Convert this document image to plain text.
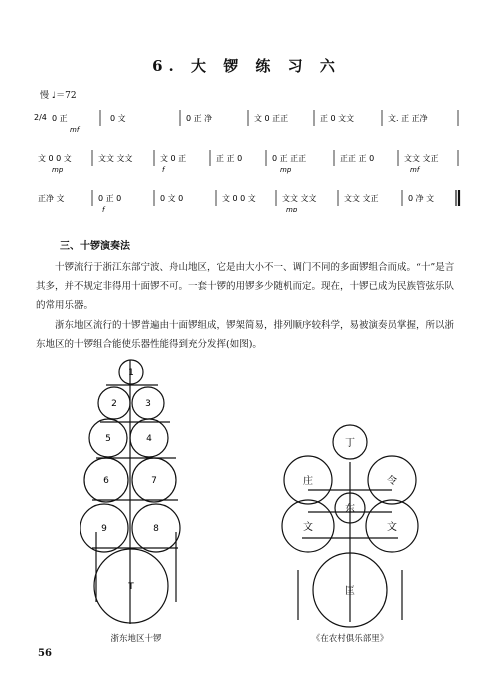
6. 大 锣 练 习 六
慢 ♩＝72
2/4 0 正	0 文	0 正 净	文 0 正正	正 0 文文	文. 正 正净
mf
文 0 0 文	文文 文文	文 0 正	正 正 0	0 正 正正	正正 正 0	文文 文正
mp	f	mp	mf
正净 文	0 正 0	0 文 0	文 0 0 文	文文 文文	文文 文正	0 净 文
f	mp
三、十锣演奏法
十锣流行于浙江东部宁波、舟山地区，它是由大小不一、调门不同的多面锣组合而成。“十”是言其多，并不规定非得用十面锣不可。一套十锣的用锣多少随机而定。现在，十锣已成为民族管弦乐队的常用乐器。
浙东地区流行的十锣普遍由十面锣组成，锣架简易，排列顺序较科学，易被演奏员掌握，所以浙东地区的十锣组合能使乐器性能得到充分发挥(如图)。
1
2	3
5	4
6	7
9	8
T
浙东地区十锣
丁
庄	令
东
文	文
匡
《在农村俱乐部里》
56
